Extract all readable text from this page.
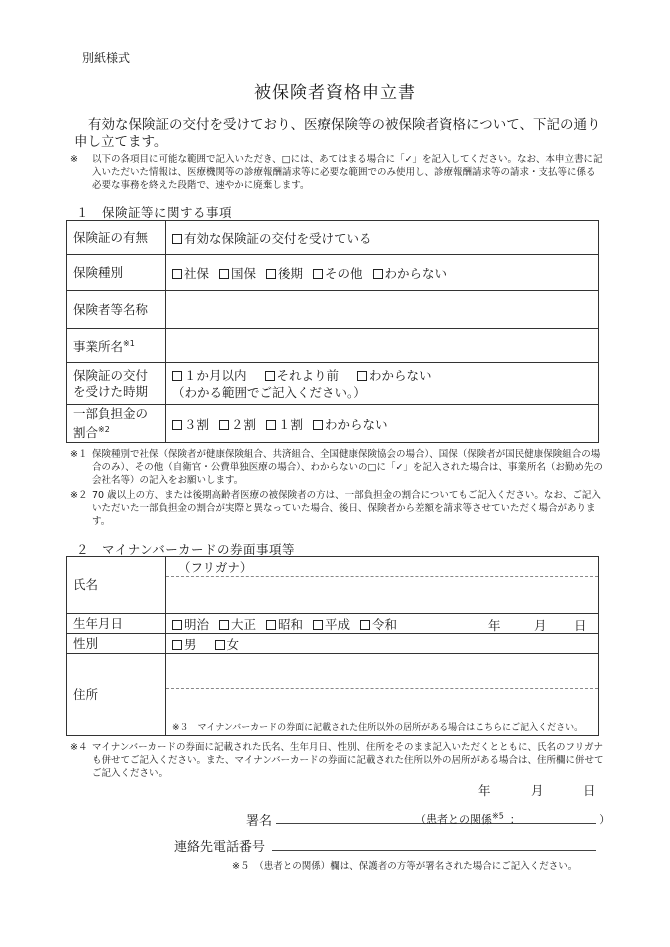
別紙様式
被保険者資格申立書
有効な保険証の交付を受けており、医療保険等の被保険者資格について、下記の通り申し立てます。
※ 以下の各項目に可能な範囲で記入いただき、□には、あてはまる場合に「✓」を記入してください。なお、本申立書に記入いただいた情報は、医療機関等の診療報酬請求等に必要な範囲でのみ使用し、診療報酬請求等の請求・支払等に係る必要な事務を終えた段階で、速やかに廃棄します。
１　保険証等に関する事項
保険証の有無	有効な保険証の交付を受けている
保険種別	社保 国保 後期 その他 わからない
保険者等名称	
事業所名$^{※1}$	
保険証の交付を受けた時期	１か月以内 それより前 わからない
（わかる範囲でご記入ください。）
一部負担金の割合$^{※2}$	３割 ２割 １割 わからない
※１ 保険種別で社保（保険者が健康保険組合、共済組合、全国健康保険協会の場合）、国保（保険者が国民健康保険組合の場合のみ）、その他（自衛官・公費単独医療の場合）、わからないの□に「✓」を記入された場合は、事業所名（お勤め先の会社名等）の記入をお願いします。
※２ 70 歳以上の方、または後期高齢者医療の被保険者の方は、一部負担金の割合についてもご記入ください。なお、ご記入いただいた一部負担金の割合が実際と異なっていた場合、後日、保険者から差額を請求等させていただく場合があります。
２　マイナンバーカードの券面事項等
氏名	（フリガナ）

生年月日	明治 大正 昭和 平成 令和 年 月 日

性別	男 女
住所	※３　マイナンバーカードの券面に記載された住所以外の居所がある場合はこちらにご記入ください。
※４ マイナンバーカードの券面に記載された氏名、生年月日、性別、住所をそのまま記入いただくとともに、氏名のフリガナも併せてご記入ください。また、マイナンバーカードの券面に記載された住所以外の居所がある場合は、住所欄に併せてご記入ください。
年	月	日
署名	（患者との関係$^{※5}$ ：	）
連絡先電話番号
※５　（患者との関係）欄は、保護者の方等が署名された場合にご記入ください。
